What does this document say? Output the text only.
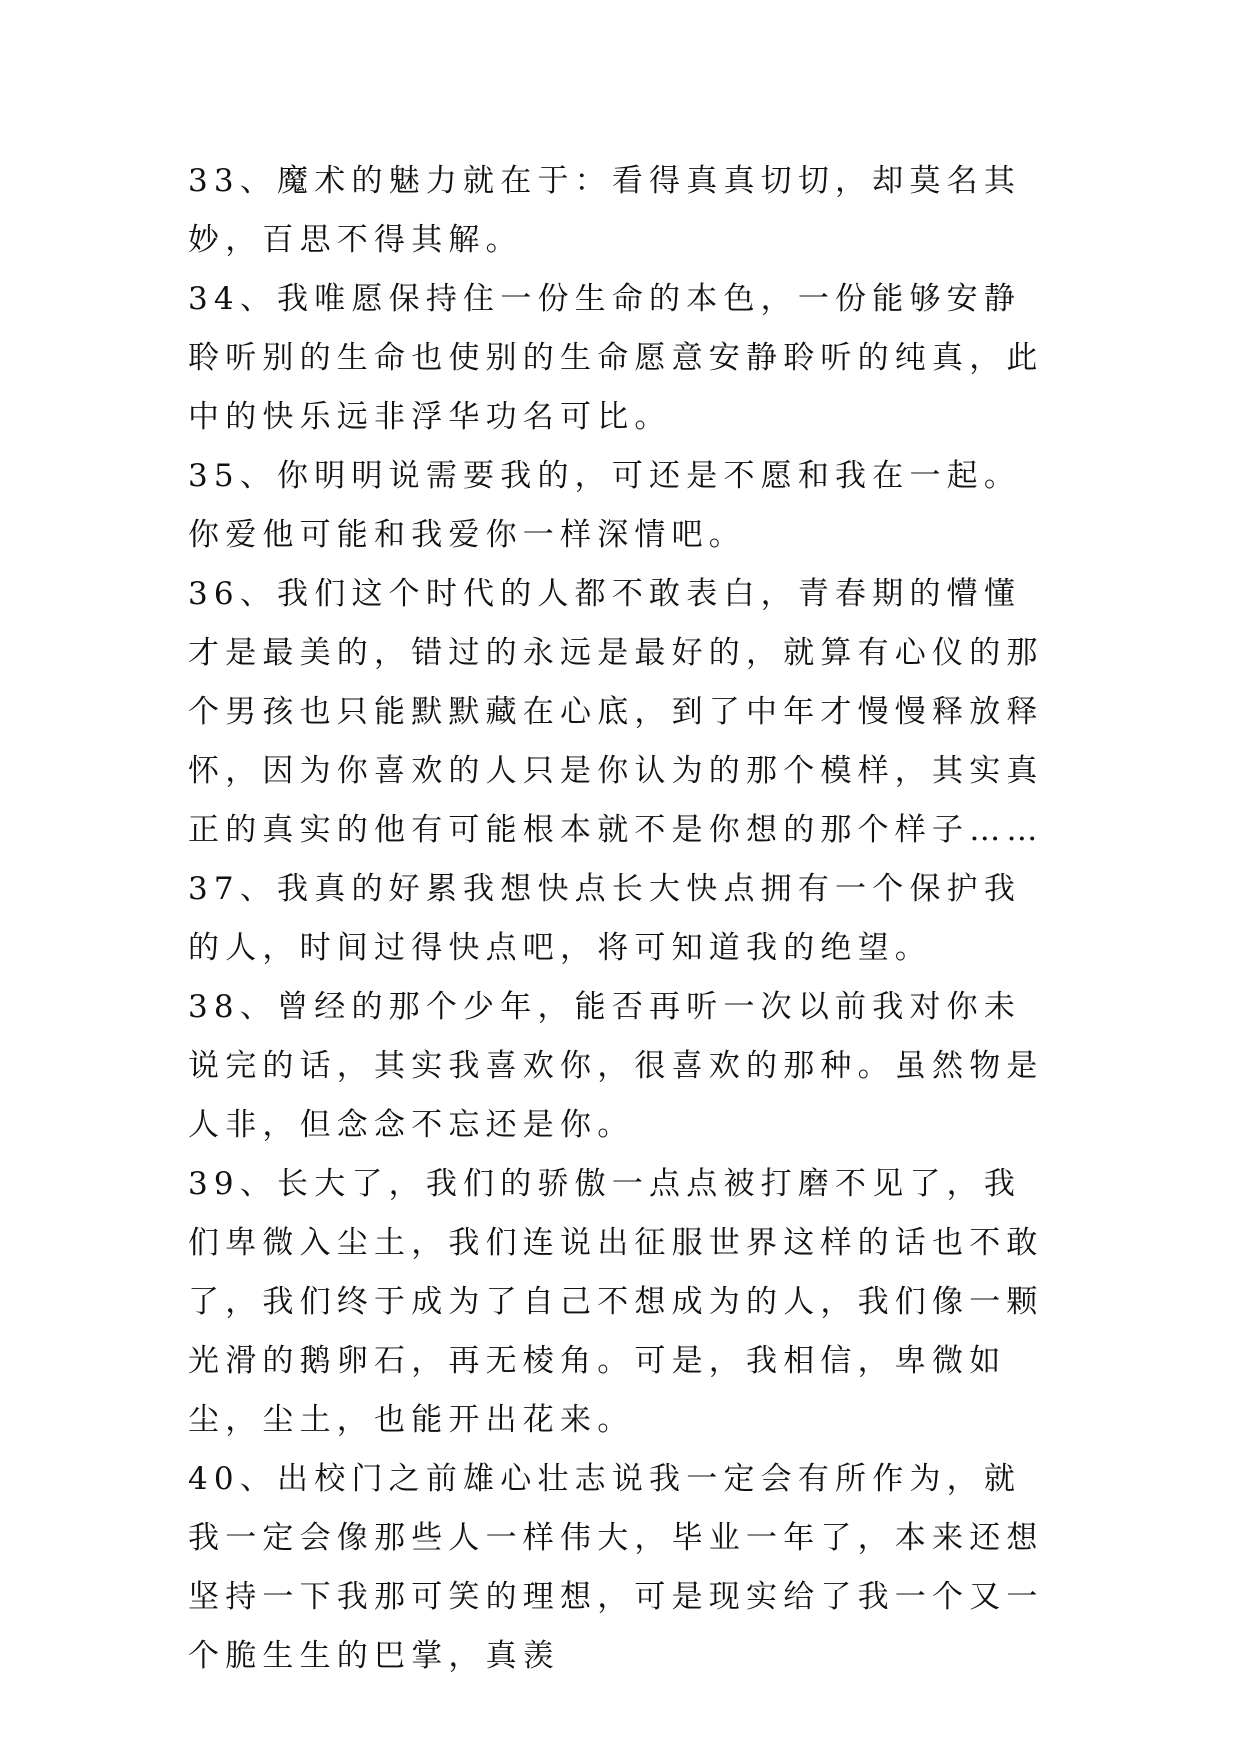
33、魔术的魅力就在于：看得真真切切，却莫名其妙，百思不得其解。

34、我唯愿保持住一份生命的本色，一份能够安静聆听别的生命也使别的生命愿意安静聆听的纯真，此中的快乐远非浮华功名可比。

35、你明明说需要我的，可还是不愿和我在一起。你爱他可能和我爱你一样深情吧。

36、我们这个时代的人都不敢表白，青春期的懵懂才是最美的，错过的永远是最好的，就算有心仪的那个男孩也只能默默藏在心底，到了中年才慢慢释放释怀，因为你喜欢的人只是你认为的那个模样，其实真正的真实的他有可能根本就不是你想的那个样子……

37、我真的好累我想快点长大快点拥有一个保护我的人，时间过得快点吧，将可知道我的绝望。

38、曾经的那个少年，能否再听一次以前我对你未说完的话，其实我喜欢你，很喜欢的那种。虽然物是人非，但念念不忘还是你。

39、长大了，我们的骄傲一点点被打磨不见了，我们卑微入尘土，我们连说出征服世界这样的话也不敢了，我们终于成为了自己不想成为的人，我们像一颗光滑的鹅卵石，再无棱角。可是，我相信，卑微如尘，尘土，也能开出花来。

40、出校门之前雄心壮志说我一定会有所作为，就我一定会像那些人一样伟大，毕业一年了，本来还想坚持一下我那可笑的理想，可是现实给了我一个又一个脆生生的巴掌，真羡
